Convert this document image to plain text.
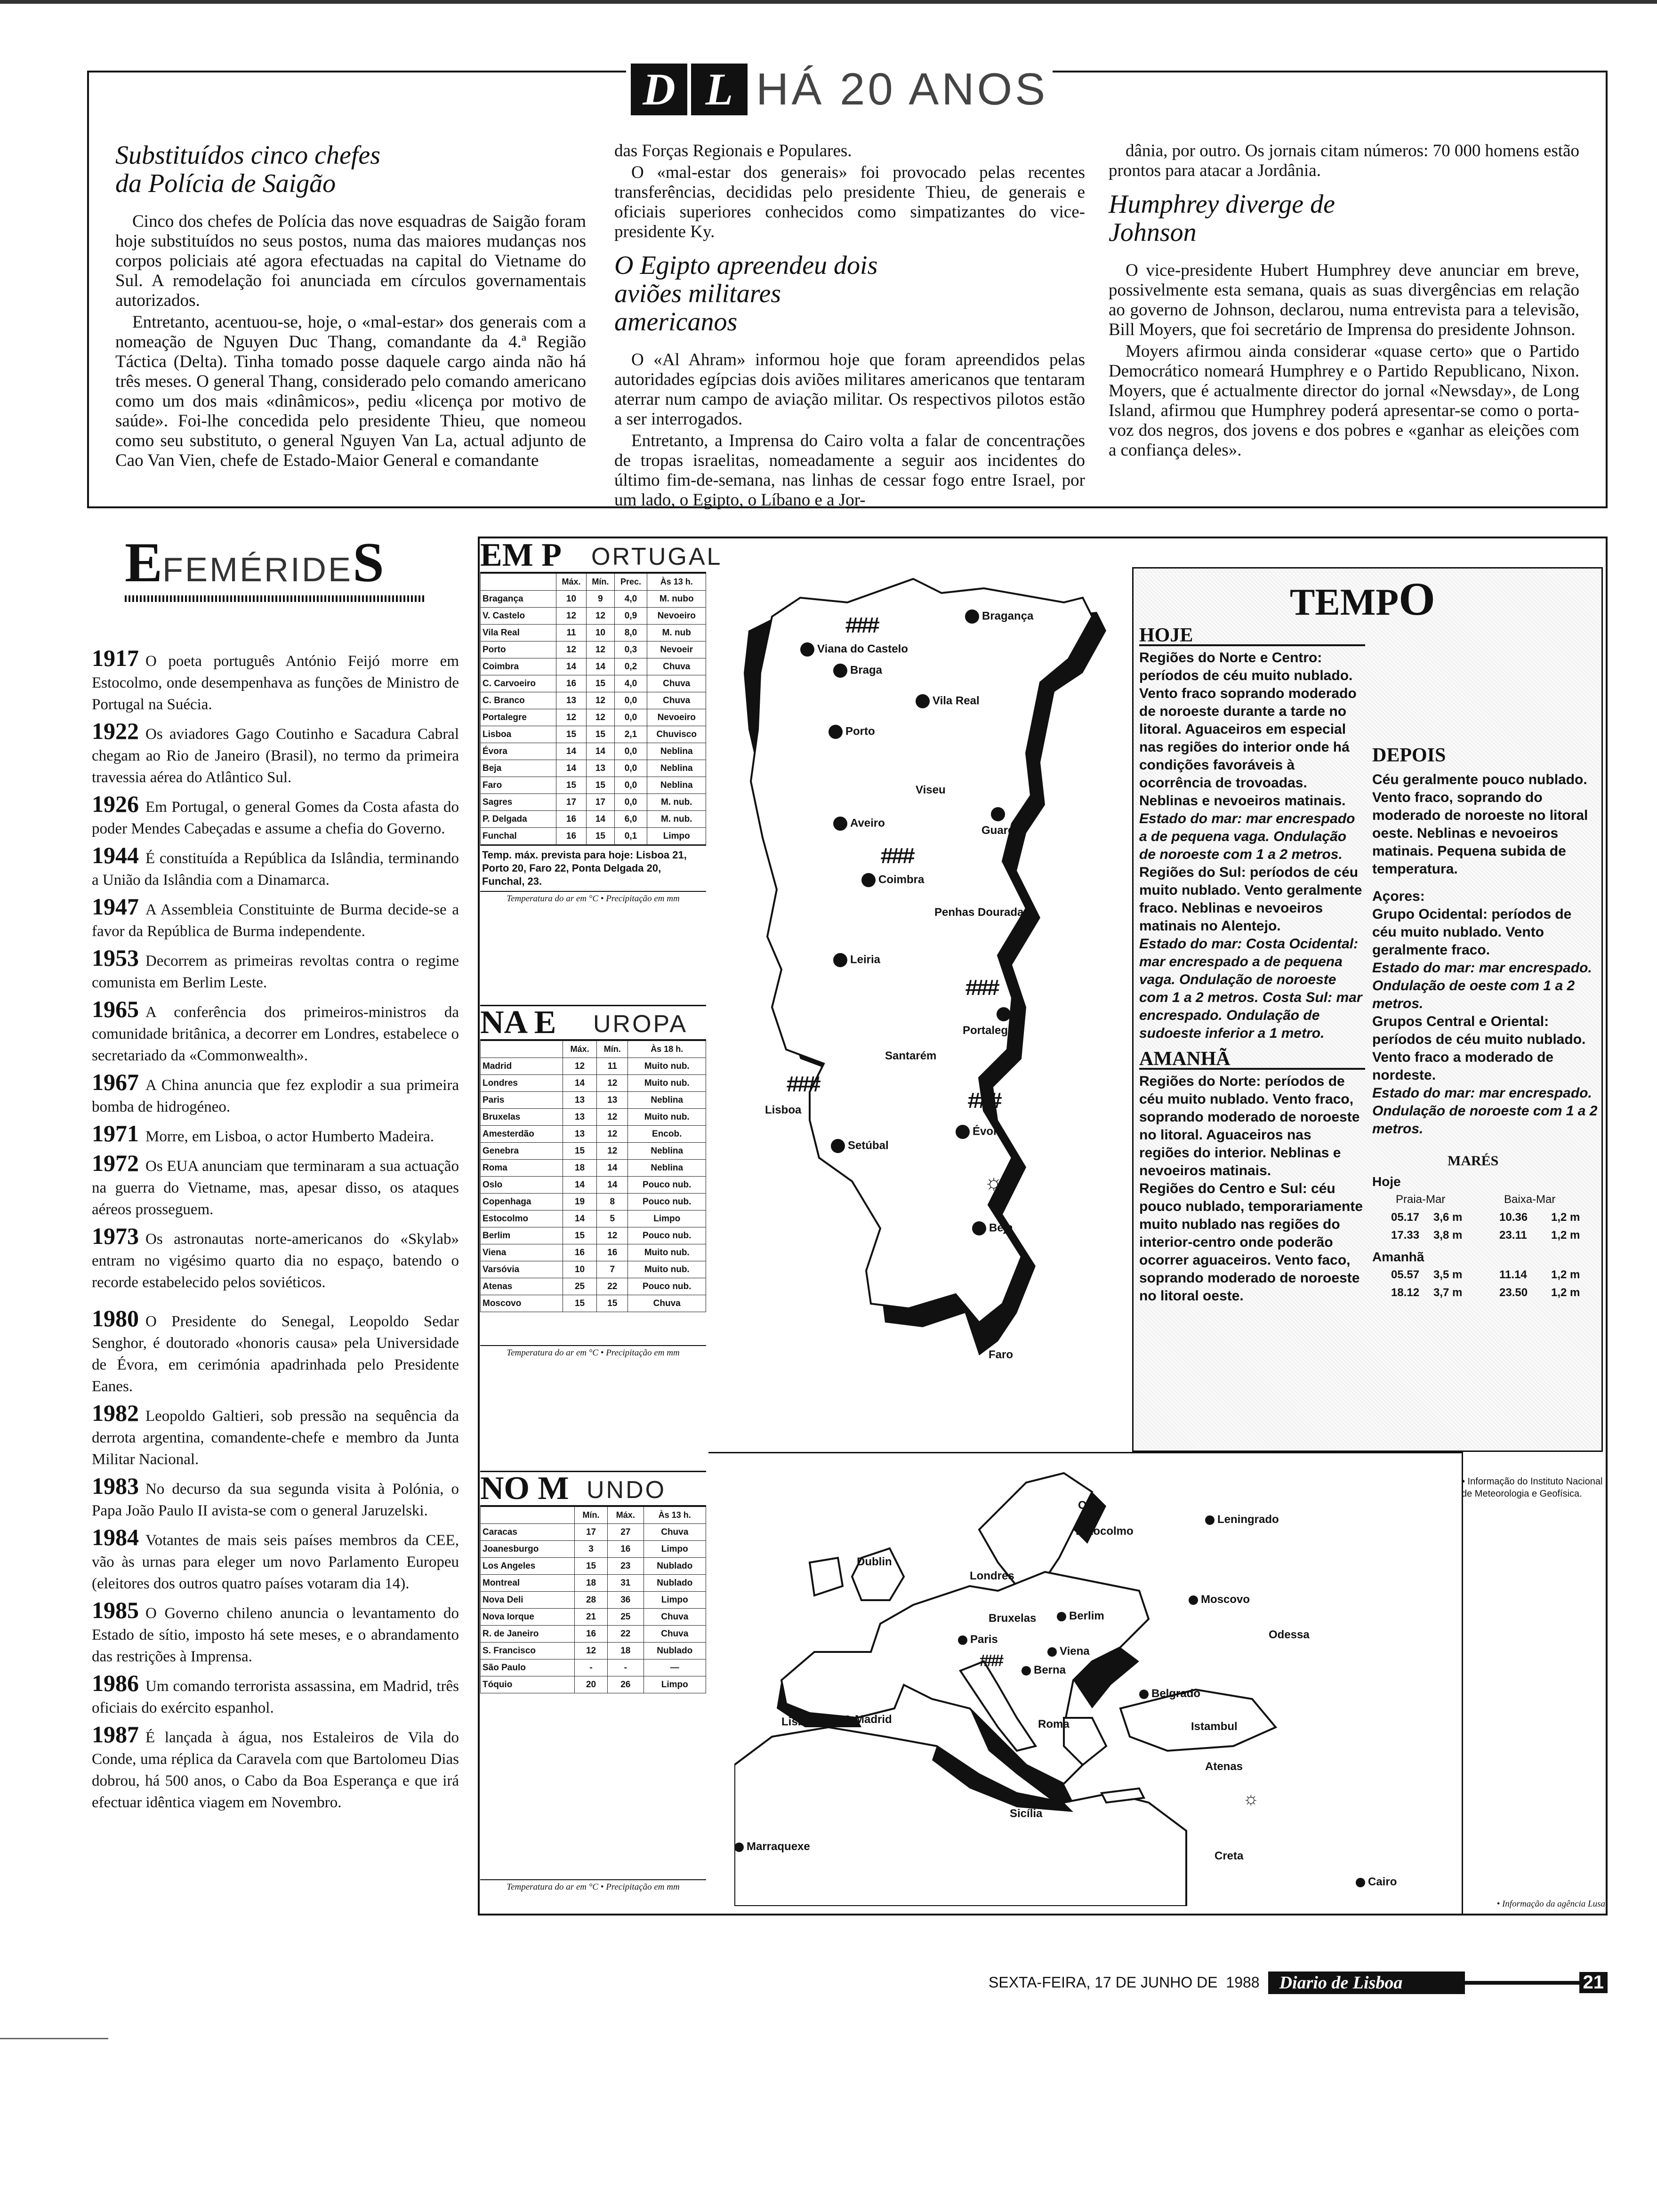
D L HÁ 20 ANOS
Substituídos cinco chefes da Polícia de Saigão

Cinco dos chefes de Polícia das nove esquadras de Saigão foram hoje substituídos no seus postos, numa das maiores mudanças nos corpos policiais até agora efectuadas na capital do Vietname do Sul. A remodelação foi anunciada em círculos governamentais autorizados.

Entretanto, acentuou-se, hoje, o «mal-estar» dos generais com a nomeação de Nguyen Duc Thang, comandante da 4.ª Região Táctica (Delta). Tinha tomado posse daquele cargo ainda não há três meses. O general Thang, considerado pelo comando americano como um dos mais «dinâmicos», pediu «licença por motivo de saúde». Foi-lhe concedida pelo presidente Thieu, que nomeou como seu substituto, o general Nguyen Van La, actual adjunto de Cao Van Vien, chefe de Estado-Maior General e comandante

das Forças Regionais e Populares.

O «mal-estar dos generais» foi provocado pelas recentes transferências, decididas pelo presidente Thieu, de generais e oficiais superiores conhecidos como simpatizantes do vice-presidente Ky.

O Egipto apreendeu dois aviões militares americanos

O «Al Ahram» informou hoje que foram apreendidos pelas autoridades egípcias dois aviões militares americanos que tentaram aterrar num campo de aviação militar. Os respectivos pilotos estão a ser interrogados.

Entretanto, a Imprensa do Cairo volta a falar de concentrações de tropas israelitas, nomeadamente a seguir aos incidentes do último fim-de-semana, nas linhas de cessar fogo entre Israel, por um lado, o Egipto, o Líbano e a Jor-

dânia, por outro. Os jornais citam números: 70 000 homens estão prontos para atacar a Jordânia.

Humphrey diverge de Johnson

O vice-presidente Hubert Humphrey deve anunciar em breve, possivelmente esta semana, quais as suas divergências em relação ao governo de Johnson, declarou, numa entrevista para a televisão, Bill Moyers, que foi secretário de Imprensa do presidente Johnson.

Moyers afirmou ainda considerar «quase certo» que o Partido Democrático nomeará Humphrey e o Partido Republicano, Nixon. Moyers, que é actualmente director do jornal «Newsday», de Long Island, afirmou que Humphrey poderá apresentar-se como o porta-voz dos negros, dos jovens e dos pobres e «ganhar as eleições com a confiança deles».

EFEMÉRIDES

1917 O poeta português António Feijó morre em Estocolmo, onde desempenhava as funções de Ministro de Portugal na Suécia.

1922 Os aviadores Gago Coutinho e Sacadura Cabral chegam ao Rio de Janeiro (Brasil), no termo da primeira travessia aérea do Atlântico Sul.

1926 Em Portugal, o general Gomes da Costa afasta do poder Mendes Cabeçadas e assume a chefia do Governo.

1944 É constituída a República da Islândia, terminando a União da Islândia com a Dinamarca.

1947 A Assembleia Constituinte de Burma decide-se a favor da República de Burma independente.

1953 Decorrem as primeiras revoltas contra o regime comunista em Berlim Leste.

1965 A conferência dos primeiros-ministros da comunidade britânica, a decorrer em Londres, estabelece o secretariado da «Commonwealth».

1967 A China anuncia que fez explodir a sua primeira bomba de hidrogéneo.

1971 Morre, em Lisboa, o actor Humberto Madeira.

1972 Os EUA anunciam que terminaram a sua actuação na guerra do Vietname, mas, apesar disso, os ataques aéreos prosseguem.

1973 Os astronautas norte-americanos do «Skylab» entram no vigésimo quarto dia no espaço, batendo o recorde estabelecido pelos soviéticos.

1980 O Presidente do Senegal, Leopoldo Sedar Senghor, é doutorado «honoris causa» pela Universidade de Évora, em cerimónia apadrinhada pelo Presidente Eanes.

1982 Leopoldo Galtieri, sob pressão na sequência da derrota argentina, comandente-chefe e membro da Junta Militar Nacional.

1983 No decurso da sua segunda visita à Polónia, o Papa João Paulo II avista-se com o general Jaruzelski.

1984 Votantes de mais seis países membros da CEE, vão às urnas para eleger um novo Parlamento Europeu (eleitores dos outros quatro países votaram dia 14).

1985 O Governo chileno anuncia o levantamento do Estado de sítio, imposto há sete meses, e o abrandamento das restrições à Imprensa.

1986 Um comando terrorista assassina, em Madrid, três oficiais do exército espanhol.

1987 É lançada à água, nos Estaleiros de Vila do Conde, uma réplica da Caravela com que Bartolomeu Dias dobrou, há 500 anos, o Cabo da Boa Esperança e que irá efectuar idêntica viagem em Novembro.

EM P ORTUGAL
	Máx.	Mín.	Prec.	Às 13 h.
Bragança	10	9	4,0	M. nubo
V. Castelo	12	12	0,9	Nevoeiro
Vila Real	11	10	8,0	M. nub
Porto	12	12	0,3	Nevoeir
Coimbra	14	14	0,2	Chuva
C. Carvoeiro	16	15	4,0	Chuva
C. Branco	13	12	0,0	Chuva
Portalegre	12	12	0,0	Nevoeiro
Lisboa	15	15	2,1	Chuvisco
Évora	14	14	0,0	Neblina
Beja	14	13	0,0	Neblina
Faro	15	15	0,0	Neblina
Sagres	17	17	0,0	M. nub.
P. Delgada	16	14	6,0	M. nub.
Funchal	16	15	0,1	Limpo
Temp. máx. prevista para hoje: Lisboa 21, Porto 20, Faro 22, Ponta Delgada 20, Funchal, 23.
Temperatura do ar em °C • Precipitação em mm
NA E UROPA
	Máx.	Mín.	Às 18 h.
Madrid	12	11	Muito nub.
Londres	14	12	Muito nub.
Paris	13	13	Neblina
Bruxelas	13	12	Muito nub.
Amesterdão	13	12	Encob.
Genebra	15	12	Neblina
Roma	18	14	Neblina
Oslo	14	14	Pouco nub.
Copenhaga	19	8	Pouco nub.
Estocolmo	14	5	Limpo
Berlim	15	12	Pouco nub.
Viena	16	16	Muito nub.
Varsóvia	10	7	Muito nub.
Atenas	25	22	Pouco nub.
Moscovo	15	15	Chuva
Temperatura do ar em °C • Precipitação em mm
NO M UNDO
	Mín.	Máx.	Às 13 h.
Caracas	17	27	Chuva
Joanesburgo	3	16	Limpo
Los Angeles	15	23	Nublado
Montreal	18	31	Nublado
Nova Deli	28	36	Limpo
Nova Iorque	21	25	Chuva
R. de Janeiro	16	22	Chuva
S. Francisco	12	18	Nublado
São Paulo	-	-	—
Tóquio	20	26	Limpo
Temperatura do ar em °C • Precipitação em mm
Viana do Castelo
Braga
Bragança
Vila Real
Porto
Viseu
Aveiro
Guarda
Coimbra
Penhas Douradas
Leiria
Portalegre
Santarém
Lisboa
Setúbal
Évora
Beja
Faro
###
###
###
###
###
☼
☼
TEMPO
HOJE

Regiões do Norte e Centro: períodos de céu muito nublado. Vento fraco soprando moderado de noroeste durante a tarde no litoral. Aguaceiros em especial nas regiões do interior onde há condições favoráveis à ocorrência de trovoadas. Neblinas e nevoeiros matinais.

Estado do mar: mar encrespado a de pequena vaga. Ondulação de noroeste com 1 a 2 metros.

Regiões do Sul: períodos de céu muito nublado. Vento geralmente fraco. Neblinas e nevoeiros matinais no Alentejo.

Estado do mar: Costa Ocidental: mar encrespado a de pequena vaga. Ondulação de noroeste com 1 a 2 metros. Costa Sul: mar encrespado. Ondulação de sudoeste inferior a 1 metro.

AMANHÃ

Regiões do Norte: períodos de céu muito nublado. Vento fraco, soprando moderado de noroeste no litoral. Aguaceiros nas regiões do interior. Neblinas e nevoeiros matinais.

Regiões do Centro e Sul: céu pouco nublado, temporariamente muito nublado nas regiões do interior-centro onde poderão ocorrer aguaceiros. Vento faco, soprando moderado de noroeste no litoral oeste.

DEPOIS

Céu geralmente pouco nublado. Vento fraco, soprando do moderado de noroeste no litoral oeste. Neblinas e nevoeiros matinais. Pequena subida de temperatura.

Açores:

Grupo Ocidental: períodos de céu muito nublado. Vento geralmente fraco.

Estado do mar: mar encrespado. Ondulação de oeste com 1 a 2 metros.

Grupos Central e Oriental: períodos de céu muito nublado. Vento fraco a moderado de nordeste.

Estado do mar: mar encrespado. Ondulação de noroeste com 1 a 2 metros.

MARÉS
Hoje
Praia-Mar	Baixa-Mar
05.17	3,6 m	10.36	1,2 m
17.33	3,8 m	23.11	1,2 m
Amanhã
05.57	3,5 m	11.14	1,2 m
18.12	3,7 m	23.50	1,2 m
Oslo
Estocolmo
Leningrado
Dublin
Londres
Moscovo
Bruxelas	Berlim
Odessa
Paris
Viena
Berna
Belgrado
Lisboa	Madrid	Roma	Istambul
Atenas
Sicília
Marraquexe
Creta
Cairo
###
☼
• Informação do Instituto Nacional de Meteorologia e Geofísica.
• Informação da agência Lusa
SEXTA-FEIRA, 17 DE JUNHO DE  1988	Diario de Lisboa	21
